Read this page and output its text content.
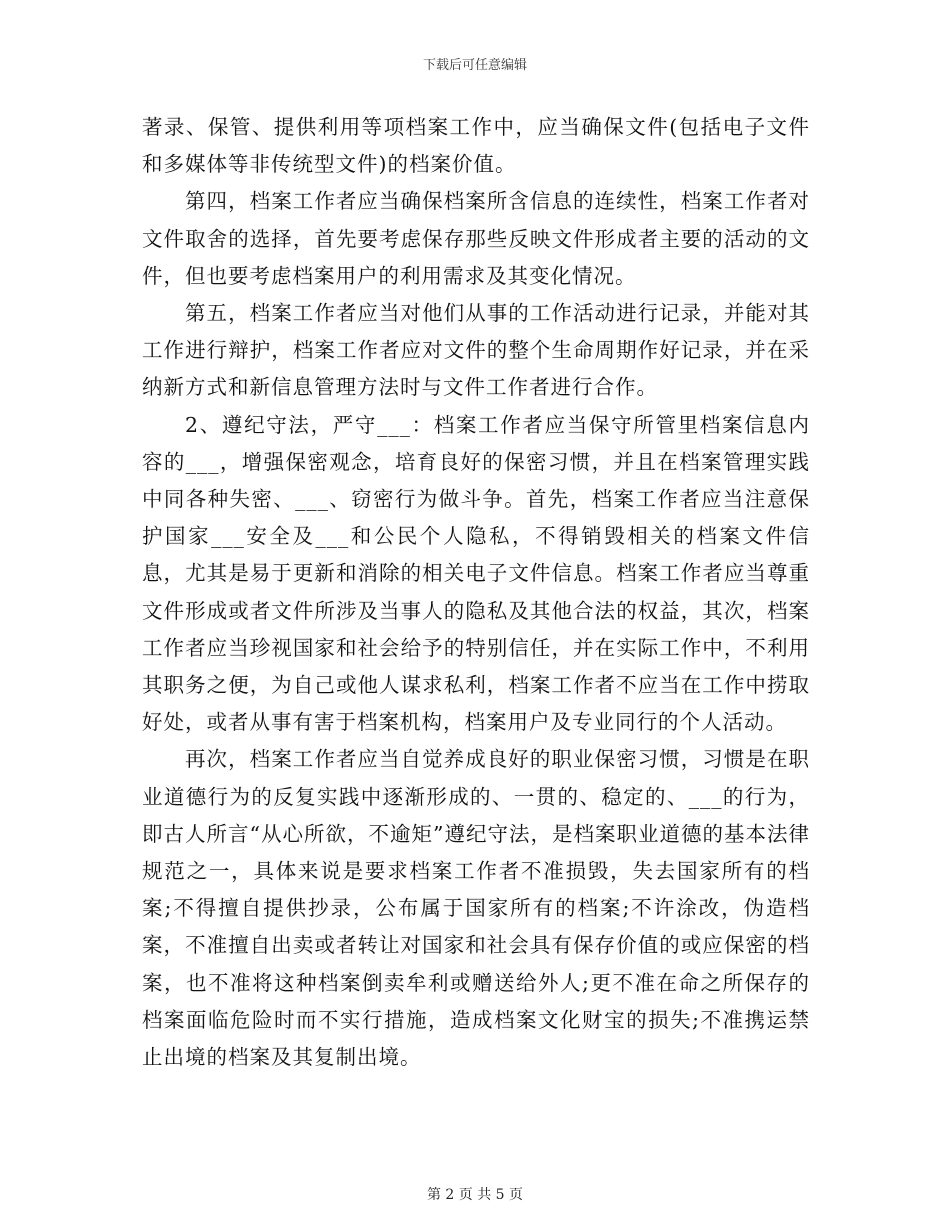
下载后可任意编辑

著录、保管、提供利用等项档案工作中，应当确保文件(包括电子文件和多媒体等非传统型文件)的档案价值。

第四，档案工作者应当确保档案所含信息的连续性，档案工作者对文件取舍的选择，首先要考虑保存那些反映文件形成者主要的活动的文件，但也要考虑档案用户的利用需求及其变化情况。

第五，档案工作者应当对他们从事的工作活动进行记录，并能对其工作进行辩护，档案工作者应对文件的整个生命周期作好记录，并在采纳新方式和新信息管理方法时与文件工作者进行合作。

2、遵纪守法，严守___：档案工作者应当保守所管里档案信息内容的___，增强保密观念，培育良好的保密习惯，并且在档案管理实践中同各种失密、___、窃密行为做斗争。首先，档案工作者应当注意保护国家___安全及___和公民个人隐私，不得销毁相关的档案文件信息，尤其是易于更新和消除的相关电子文件信息。档案工作者应当尊重文件形成或者文件所涉及当事人的隐私及其他合法的权益，其次，档案工作者应当珍视国家和社会给予的特别信任，并在实际工作中，不利用其职务之便，为自己或他人谋求私利，档案工作者不应当在工作中捞取好处，或者从事有害于档案机构，档案用户及专业同行的个人活动。

再次，档案工作者应当自觉养成良好的职业保密习惯，习惯是在职业道德行为的反复实践中逐渐形成的、一贯的、稳定的、___的行为，即古人所言“从心所欲，不逾矩”遵纪守法，是档案职业道德的基本法律规范之一，具体来说是要求档案工作者不准损毁，失去国家所有的档案;不得擅自提供抄录，公布属于国家所有的档案;不许涂改，伪造档案，不准擅自出卖或者转让对国家和社会具有保存价值的或应保密的档案，也不准将这种档案倒卖牟利或赠送给外人;更不准在命之所保存的档案面临危险时而不实行措施，造成档案文化财宝的损失;不准携运禁止出境的档案及其复制出境。

第 2 页 共 5 页
